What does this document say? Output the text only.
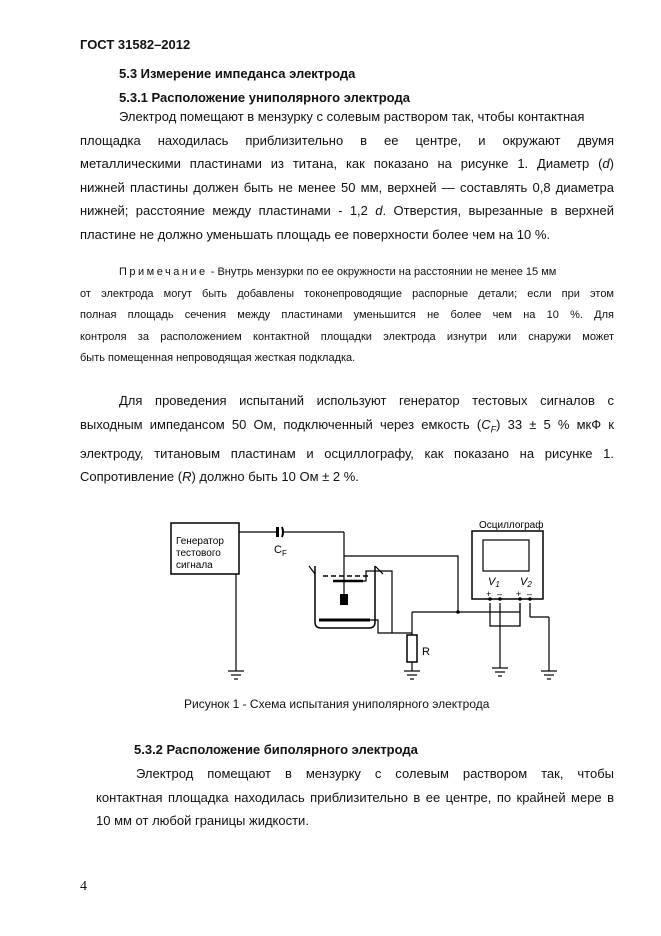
ГОСТ 31582–2012
5.3 Измерение импеданса электрода
5.3.1 Расположение униполярного электрода
Электрод помещают в мензурку с солевым раствором так, чтобы контактная
площадка находилась приблизительно в ее центре, и окружают двумя
металлическими пластинами из титана, как показано на рисунке 1. Диаметр (d)
нижней пластины должен быть не менее 50 мм, верхней — составлять 0,8 диаметра
нижней; расстояние между пластинами - 1,2 d. Отверстия, вырезанные в верхней
пластине не должно уменьшать площадь ее поверхности более чем на 10 %.
Примечание - Внутрь мензурки по ее окружности на расстоянии не менее 15 мм
от электрода могут быть добавлены токонепроводящие распорные детали; если при этом
полная площадь сечения между пластинами уменьшится не более чем на 10 %. Для
контроля за расположением контактной площадки электрода изнутри или снаружи может
быть помещенная непроводящая жесткая подкладка.
Для проведения испытаний используют генератор тестовых сигналов с
выходным импедансом 50 Ом, подключенный через емкость $(C_F) 33 \pm 5$ % мкФ к
электроду, титановым пластинам и осциллографу, как показано на рисунке 1.
Сопротивление (R) должно быть 10 Ом ± 2 %.
Генератор
тестового
сигнала
$C_F$
Осциллограф
V1 V2
+ – + –
R
Рисунок 1 - Схема испытания униполярного электрода
5.3.2 Расположение биполярного электрода
Электрод помещают в мензурку с солевым раствором так, чтобы
контактная площадка находилась приблизительно в ее центре, по крайней мере в
10 мм от любой границы жидкости.
4
